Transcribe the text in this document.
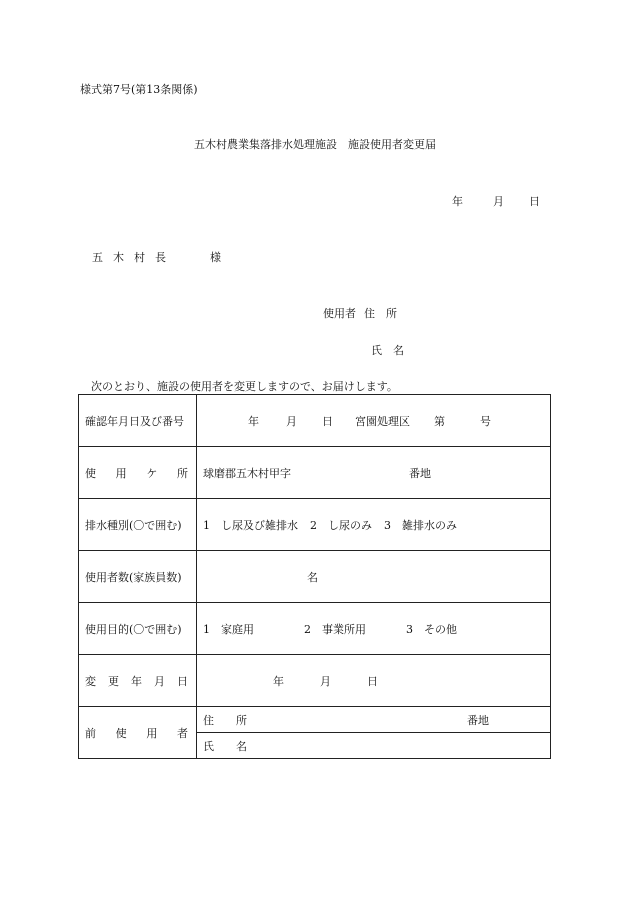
様式第7号(第13条関係)
五木村農業集落排水処理施設　施設使用者変更届
年	月 日
五 木 村 長	様
使用者 住　所
氏　名
次のとおり、施設の使用者を変更しますので、お届けします。
確認年月日及び番号	年 月 日 宮園処理区 第 号

使 用 ケ 所	球磨郡五木村甲字 番地
排水種別(〇で囲む)	1　し尿及び雑排水 2　し尿のみ 3　雑排水のみ
使用者数(家族員数)	名
使用目的(〇で囲む)	1　家庭用 2　事業所用 3　その他

変 更 年 月 日	年 月 日

前 使 用 者	住　　所 番地
	氏　　名
